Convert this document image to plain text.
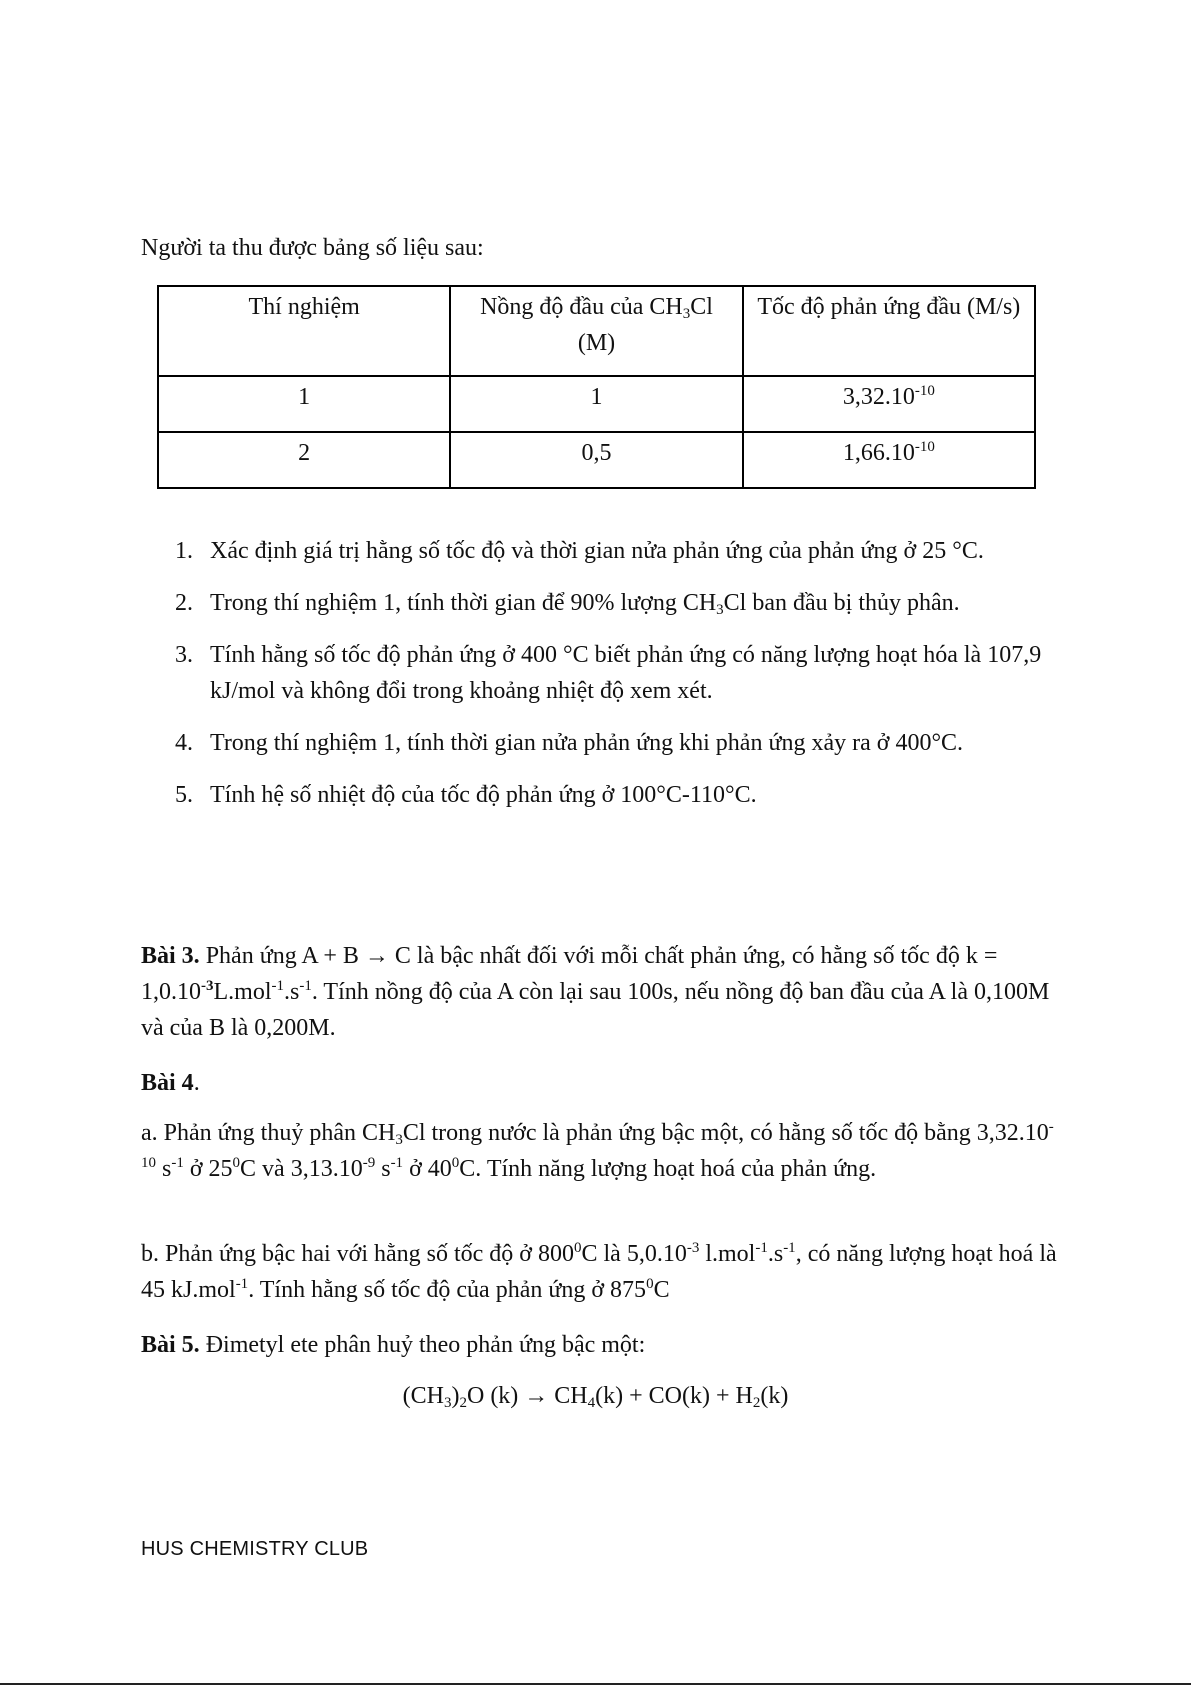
Người ta thu được bảng số liệu sau:

Thí nghiệm	Nồng độ đầu của $CH_3Cl$ (M)	Tốc độ phản ứng đầu (M/s)
1	1	$3,32.10^{-10}$
2	0,5	$1,66.10^{-10}$
1. Xác định giá trị hằng số tốc độ và thời gian nửa phản ứng của phản ứng ở 25 °C.
2. Trong thí nghiệm 1, tính thời gian để 90% lượng $CH_3Cl$ ban đầu bị thủy phân.
3. Tính hằng số tốc độ phản ứng ở 400 °C biết phản ứng có năng lượng hoạt hóa là 107,9 kJ/mol và không đổi trong khoảng nhiệt độ xem xét.
4. Trong thí nghiệm 1, tính thời gian nửa phản ứng khi phản ứng xảy ra ở 400°C.
5. Tính hệ số nhiệt độ của tốc độ phản ứng ở 100°C-110°C.

Bài 3. Phản ứng A + B → C là bậc nhất đối với mỗi chất phản ứng, có hằng số tốc độ $k = 1,0.10^{-3}L.mol^{-1}.s^{-1}$. Tính nồng độ của A còn lại sau 100s, nếu nồng độ ban đầu của A là 0,100M và của B là 0,200M.

Bài 4.

a. Phản ứng thuỷ phân $CH_3Cl$ trong nước là phản ứng bậc một, có hằng số tốc độ bằng $3,32.10^{-10}$ $s^{-1}$ ở $25^0C$ và $3,13.10^{-9}$ $s^{-1}$ ở $40^0C$. Tính năng lượng hoạt hoá của phản ứng.

b. Phản ứng bậc hai với hằng số tốc độ ở $800^0C$ là $5,0.10^{-3}$ $l.mol^{-1}.s^{-1}$, có năng lượng hoạt hoá là 45 kJ.mol$^{-1}$. Tính hằng số tốc độ của phản ứng ở $875^0C$

Bài 5. Đimetyl ete phân huỷ theo phản ứng bậc một:

$(CH_3)_2O$ $(k) \to CH_4(k) + CO(k) + H_2(k)$

HUS CHEMISTRY CLUB
